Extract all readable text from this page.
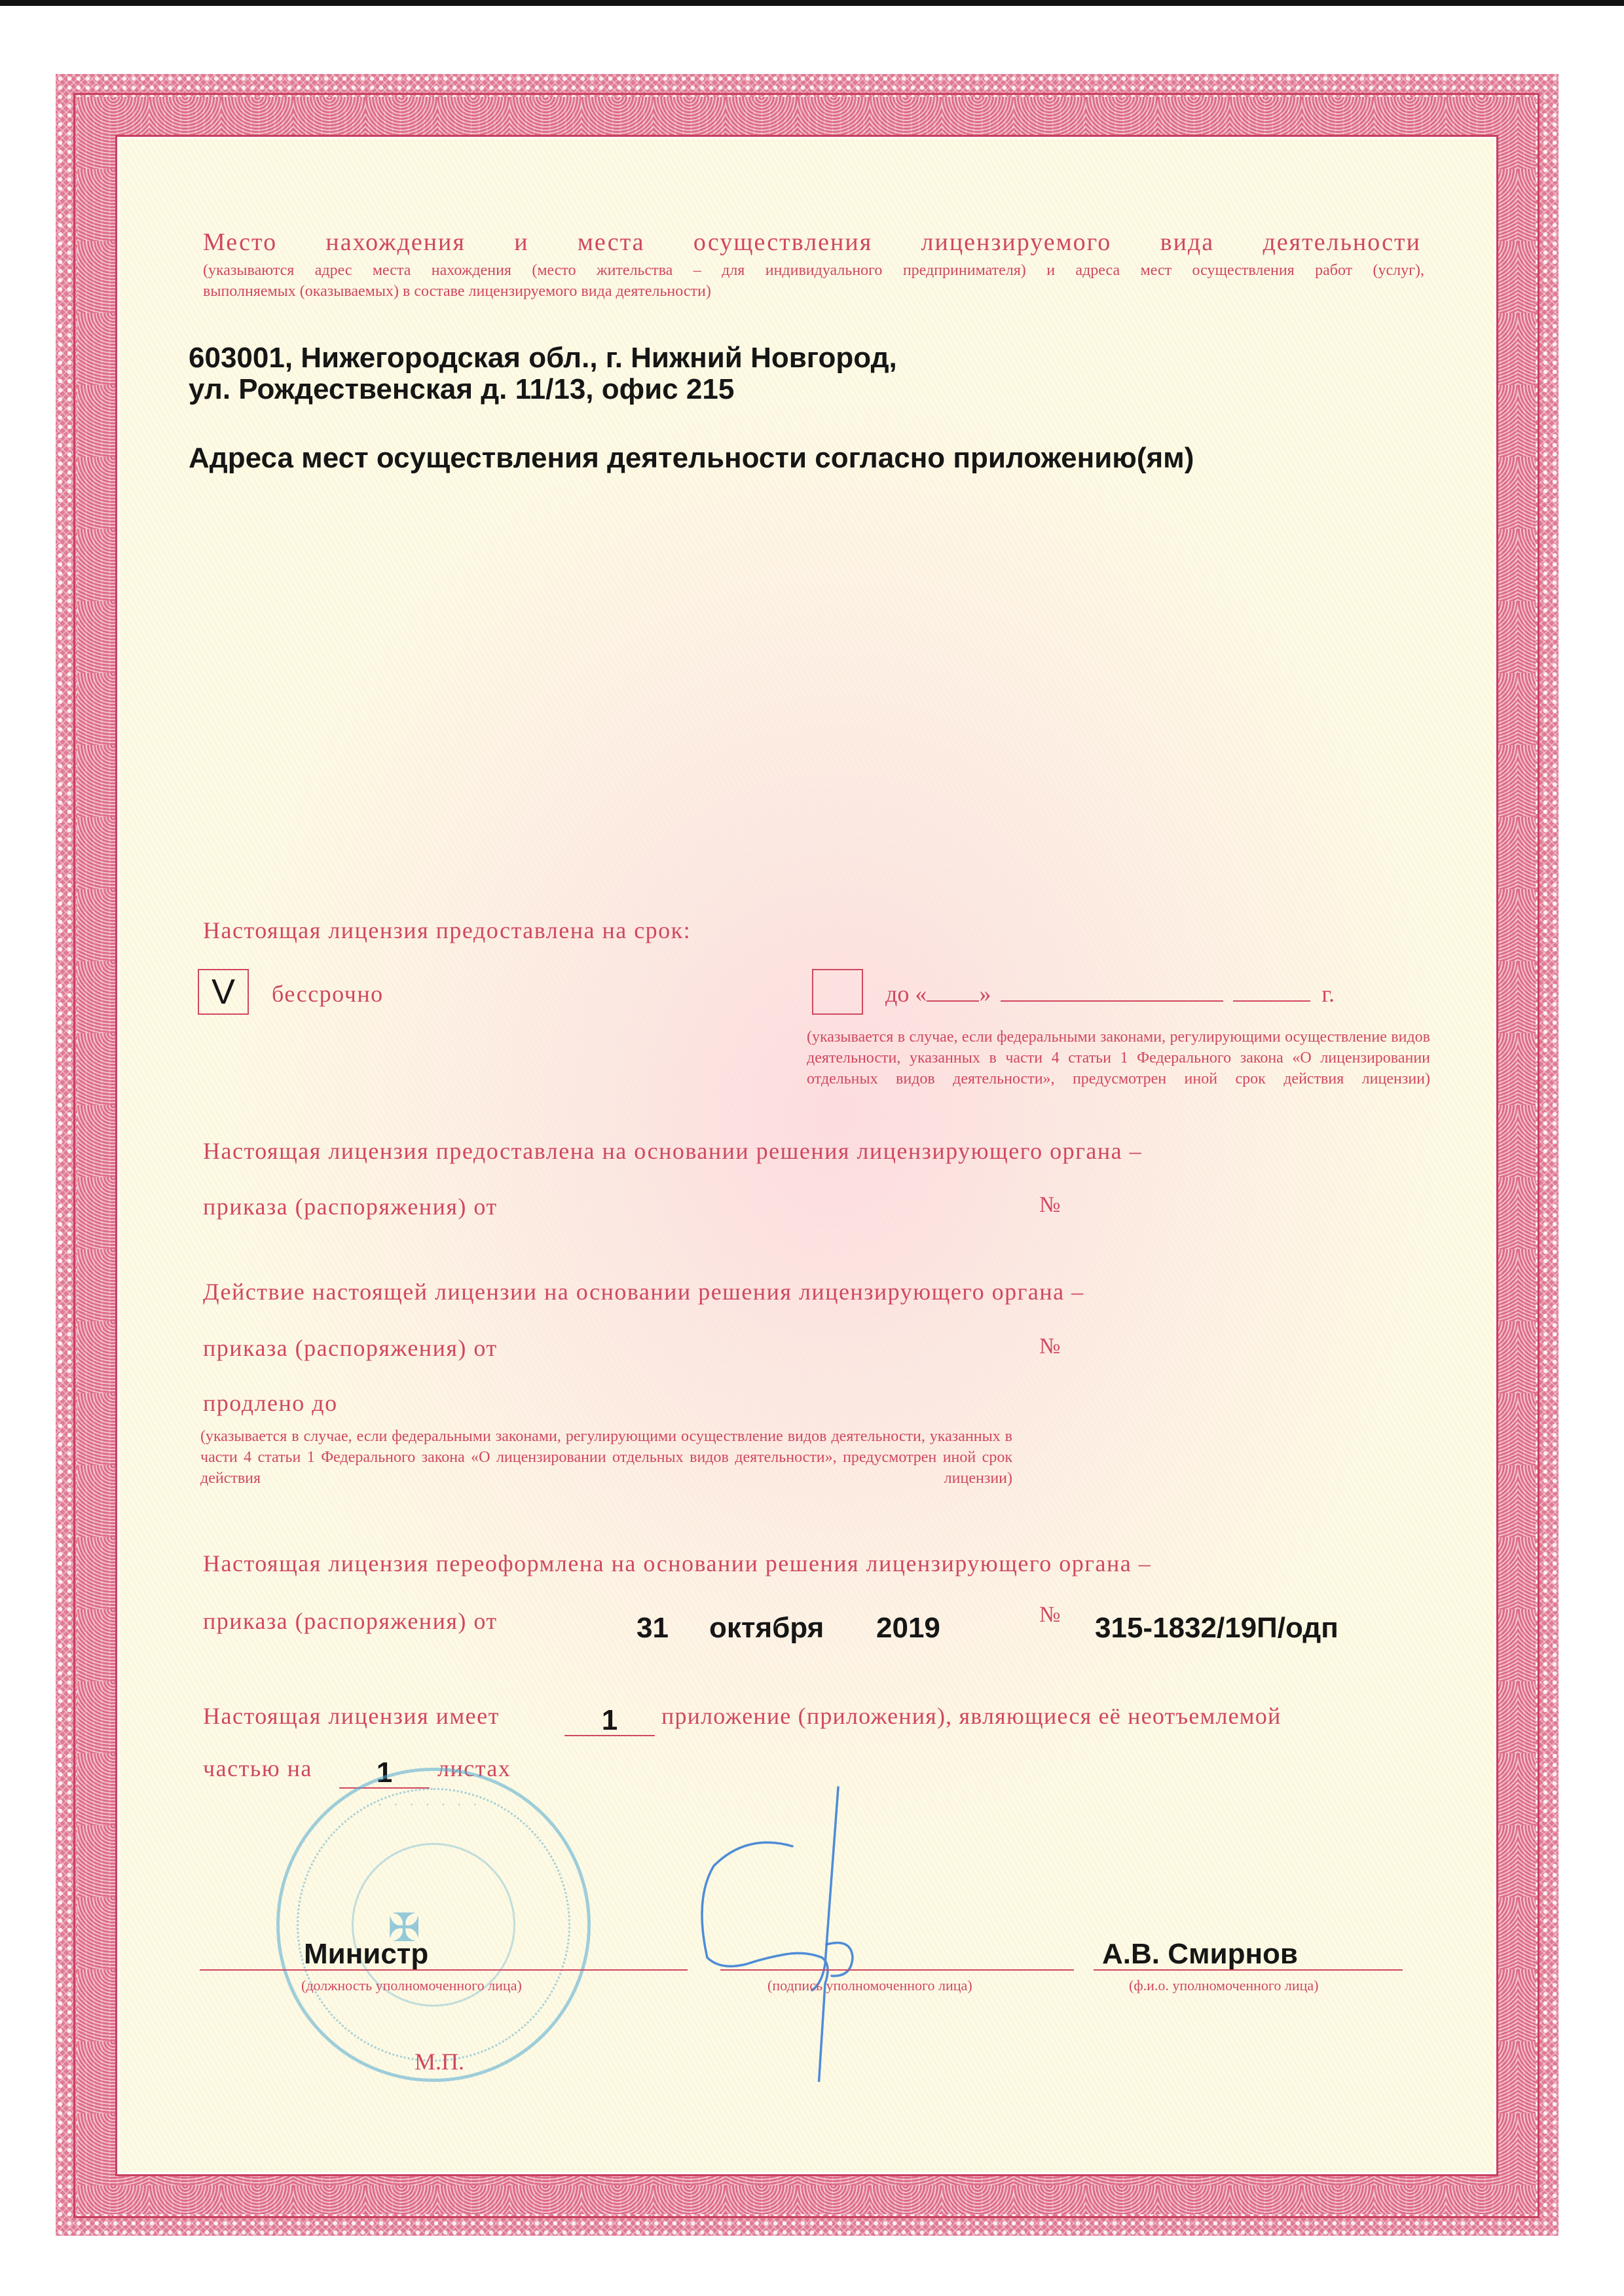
Место нахождения и места осуществления лицензируемого вида деятельности
(указываются адрес места нахождения (место жительства – для индивидуального предпринимателя) и адреса мест осуществления работ (услуг),
выполняемых (оказываемых) в составе лицензируемого вида деятельности)
603001, Нижегородская обл., г. Нижний Новгород,
ул. Рождественская д. 11/13, офис 215
Адреса мест осуществления деятельности согласно приложению(ям)
Настоящая лицензия предоставлена на срок:
V бессрочно	до « »	г.
(указывается в случае, если федеральными законами, регулирующими осуществление видов деятельности, указанных в части 4 статьи 1 Федерального закона «О лицензировании отдельных видов деятельности», предусмотрен иной срок действия лицензии)
Настоящая лицензия предоставлена на основании решения лицензирующего органа –
приказа (распоряжения) от	№
Действие настоящей лицензии на основании решения лицензирующего органа –
приказа (распоряжения) от	№
продлено до
(указывается в случае, если федеральными законами, регулирующими осуществление видов деятельности, указанных в части 4 статьи 1 Федерального закона «О лицензировании отдельных видов деятельности», предусмотрен иной срок действия лицензии)
Настоящая лицензия переоформлена на основании решения лицензирующего органа –
приказа (распоряжения) от	31 октября 2019	№ 315-1832/19П/одп
Настоящая лицензия имеет	1	приложение (приложения), являющиеся её неотъемлемой
частью на	1	листах
· · · · · · ·
✠
Министр
(должность уполномоченного лица)	(подпись уполномоченного лица)
А.В. Смирнов
(ф.и.о. уполномоченного лица)
М.П.
